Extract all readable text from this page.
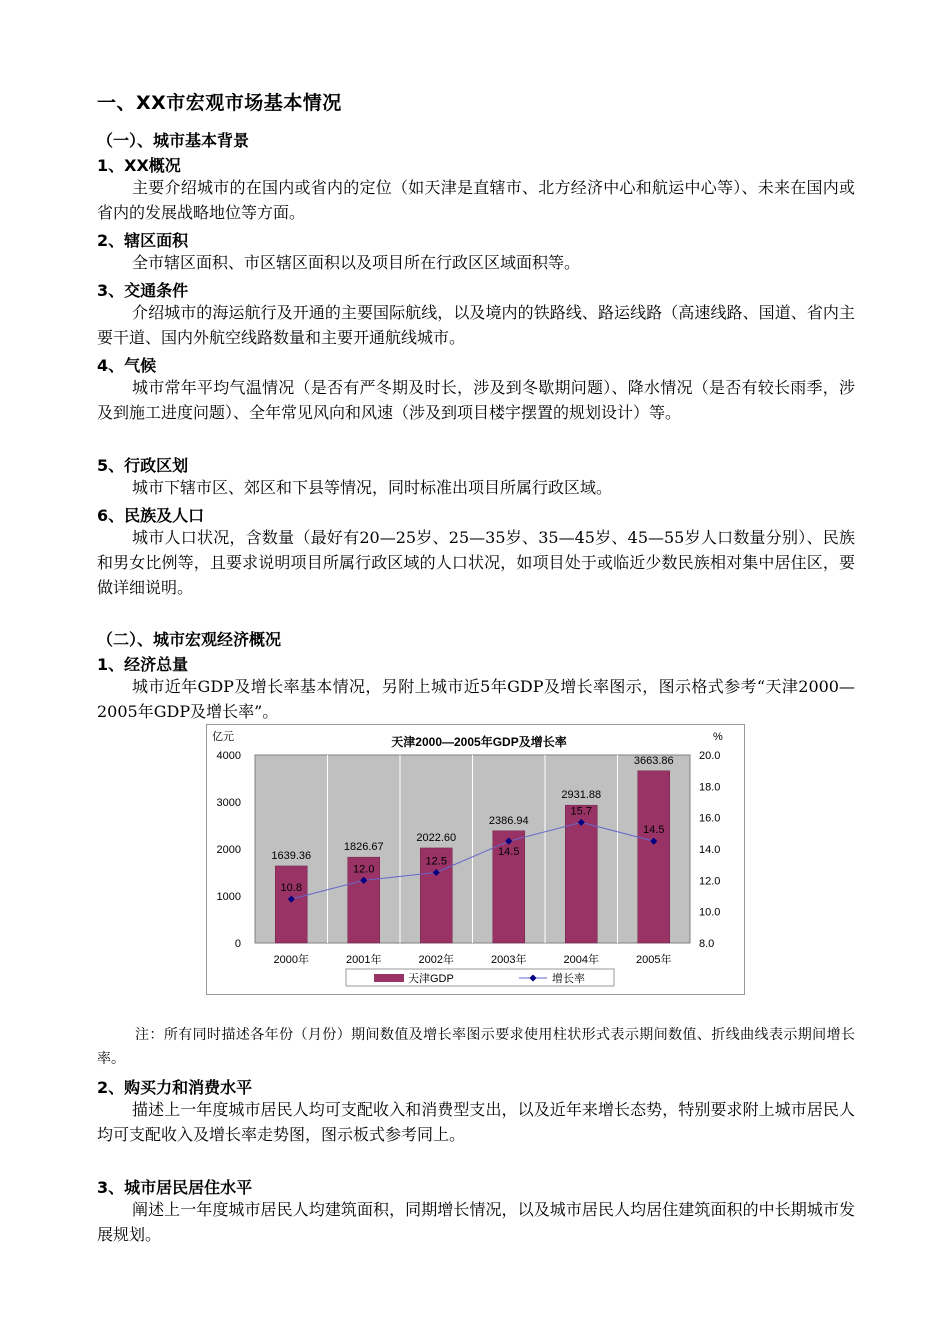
一、XX市宏观市场基本情况
（一）、城市基本背景
1、XX概况
主要介绍城市的在国内或省内的定位（如天津是直辖市、北方经济中心和航运中心等）、未来在国内或省内的发展战略地位等方面。
2、辖区面积
全市辖区面积、市区辖区面积以及项目所在行政区区域面积等。
3、交通条件
介绍城市的海运航行及开通的主要国际航线，以及境内的铁路线、路运线路（高速线路、国道、省内主要干道、国内外航空线路数量和主要开通航线城市。
4、气候
城市常年平均气温情况（是否有严冬期及时长，涉及到冬歇期问题）、降水情况（是否有较长雨季，涉及到施工进度问题）、全年常见风向和风速（涉及到项目楼宇摆置的规划设计）等。
5、行政区划
城市下辖市区、郊区和下县等情况，同时标准出项目所属行政区域。
6、民族及人口
城市人口状况，含数量（最好有20—25岁、25—35岁、35—45岁、45—55岁人口数量分别）、民族和男女比例等，且要求说明项目所属行政区域的人口状况，如项目处于或临近少数民族相对集中居住区，要做详细说明。
（二）、城市宏观经济概况
1、经济总量
城市近年GDP及增长率基本情况，另附上城市近5年GDP及增长率图示，图示格式参考“天津2000—2005年GDP及增长率”。
1639.36
1826.67
2022.60
2386.94
2931.88
3663.86
10.8
12.0
12.5
14.5
15.7
14.5
0
1000
2000
3000
4000
8.0
10.0
12.0
14.0
16.0
18.0
20.0
2000年	2001年	2002年	2003年	2004年	2005年
天津2000—2005年GDP及增长率
亿元	%
天津GDP	增长率
注：所有同时描述各年份（月份）期间数值及增长率图示要求使用柱状形式表示期间数值、折线曲线表示期间增长率。
2、购买力和消费水平
描述上一年度城市居民人均可支配收入和消费型支出，以及近年来增长态势，特别要求附上城市居民人均可支配收入及增长率走势图，图示板式参考同上。
3、城市居民居住水平
阐述上一年度城市居民人均建筑面积，同期增长情况，以及城市居民人均居住建筑面积的中长期城市发展规划。
